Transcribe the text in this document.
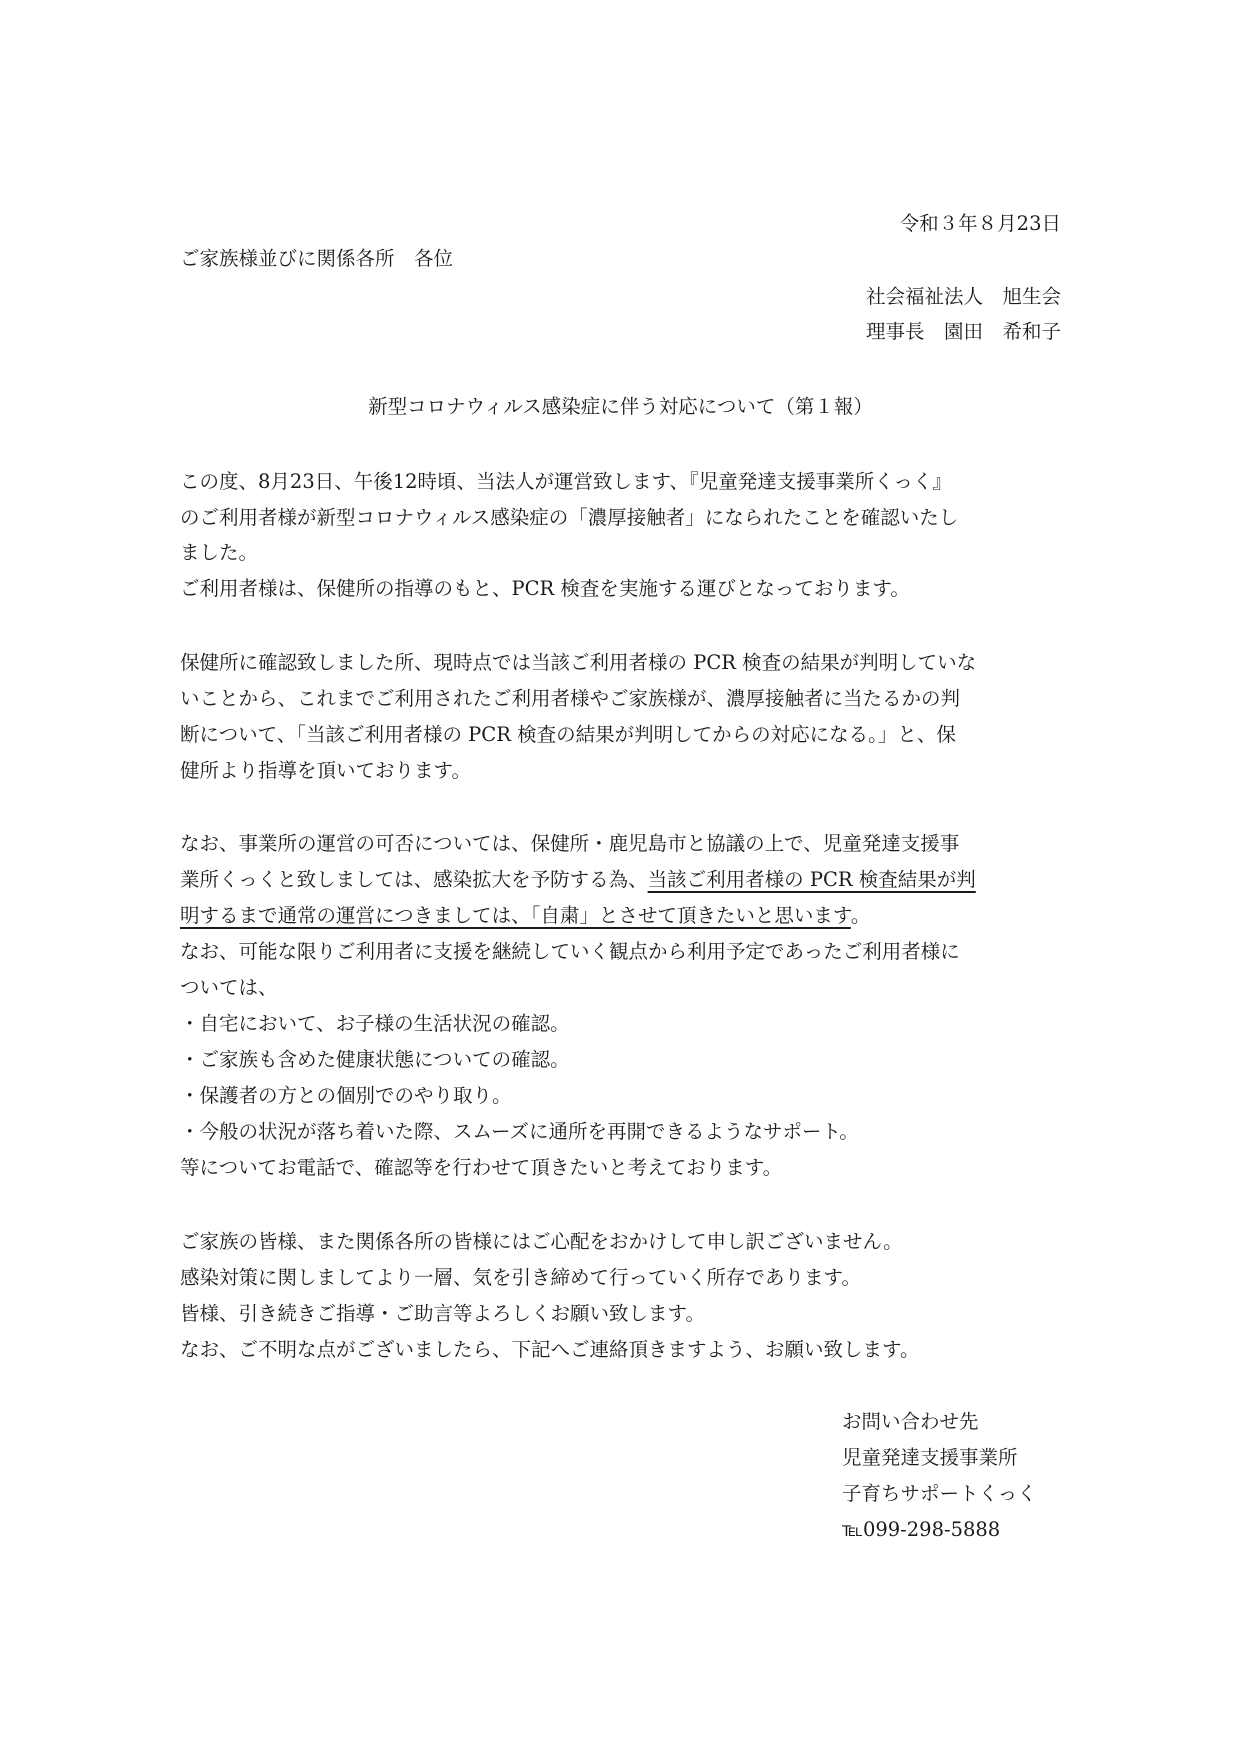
令和３年８月23日
ご家族様並びに関係各所　各位
社会福祉法人　旭生会
理事長　園田　希和子
新型コロナウィルス感染症に伴う対応について（第１報）
この度、8月23日、午後12時頃、当法人が運営致します、『児童発達支援事業所くっく』
のご利用者様が新型コロナウィルス感染症の「濃厚接触者」になられたことを確認いたし
ました。
ご利用者様は、保健所の指導のもと、PCR 検査を実施する運びとなっております。
保健所に確認致しました所、現時点では当該ご利用者様の PCR 検査の結果が判明していな
いことから、これまでご利用されたご利用者様やご家族様が、濃厚接触者に当たるかの判
断について、「当該ご利用者様の PCR 検査の結果が判明してからの対応になる。」と、保
健所より指導を頂いております。
なお、事業所の運営の可否については、保健所・鹿児島市と協議の上で、児童発達支援事
業所くっくと致しましては、感染拡大を予防する為、当該ご利用者様の PCR 検査結果が判
明するまで通常の運営につきましては、「自粛」とさせて頂きたいと思います。
なお、可能な限りご利用者に支援を継続していく観点から利用予定であったご利用者様に
ついては、
・自宅において、お子様の生活状況の確認。
・ご家族も含めた健康状態についての確認。
・保護者の方との個別でのやり取り。
・今般の状況が落ち着いた際、スムーズに通所を再開できるようなサポート。
等についてお電話で、確認等を行わせて頂きたいと考えております。
ご家族の皆様、また関係各所の皆様にはご心配をおかけして申し訳ございません。
感染対策に関しましてより一層、気を引き締めて行っていく所存であります。
皆様、引き続きご指導・ご助言等よろしくお願い致します。
なお、ご不明な点がございましたら、下記へご連絡頂きますよう、お願い致します。
お問い合わせ先
児童発達支援事業所
子育ちサポートくっく
℡099-298-5888
